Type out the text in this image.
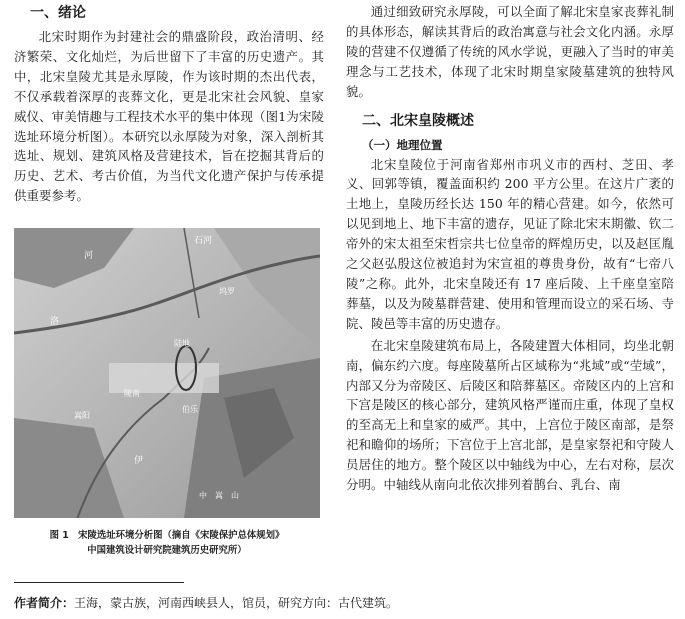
一、绪论

北宋时期作为封建社会的鼎盛阶段，政治清明、经济繁荣、文化灿烂，为后世留下了丰富的历史遗产。其中，北宋皇陵尤其是永厚陵，作为该时期的杰出代表，不仅承载着深厚的丧葬文化，更是北宋社会风貌、皇家威仪、审美情趣与工程技术水平的集中体现（图1为宋陵选址环境分析图）。本研究以永厚陵为对象，深入剖析其选址、规划、建筑风格及营建技术，旨在挖掘其背后的历史、艺术、考古价值，为当代文化遗产保护与传承提供重要参考。

洛
河
石河
伊
陆地
中　嵩　山
坞罗
陵南
伯乐
嵩阳
图 1　宋陵选址环境分析图（摘自《宋陵保护总体规划》
中国建筑设计研究院建筑历史研究所）

通过细致研究永厚陵，可以全面了解北宋皇家丧葬礼制的具体形态，解读其背后的政治寓意与社会文化内涵。永厚陵的营建不仅遵循了传统的风水学说，更融入了当时的审美理念与工艺技术，体现了北宋时期皇家陵墓建筑的独特风貌。

二、北宋皇陵概述
（一）地理位置

北宋皇陵位于河南省郑州市巩义市的西村、芝田、孝义、回郭等镇，覆盖面积约 200 平方公里。在这片广袤的土地上，皇陵历经长达 150 年的精心营建。如今，依然可以见到地上、地下丰富的遗存，见证了除北宋末期徽、钦二帝外的宋太祖至宋哲宗共七位皇帝的辉煌历史，以及赵匡胤之父赵弘殷这位被追封为宋宣祖的尊贵身份，故有“七帝八陵”之称。此外，北宋皇陵还有 17 座后陵、上千座皇室陪葬墓，以及为陵墓群营建、使用和管理而设立的采石场、寺院、陵邑等丰富的历史遗存。

在北宋皇陵建筑布局上，各陵建置大体相同，均坐北朝南，偏东约六度。每座陵墓所占区域称为“兆域”或“茔域”，内部又分为帝陵区、后陵区和陪葬墓区。帝陵区内的上宫和下宫是陵区的核心部分，建筑风格严谨而庄重，体现了皇权的至高无上和皇家的威严。其中，上宫位于陵区南部，是祭祀和瞻仰的场所；下宫位于上宫北部，是皇家祭祀和守陵人员居住的地方。整个陵区以中轴线为中心，左右对称，层次分明。中轴线从南向北依次排列着鹊台、乳台、南

作者简介：王海，蒙古族，河南西峡县人，馆员，研究方向：古代建筑。
